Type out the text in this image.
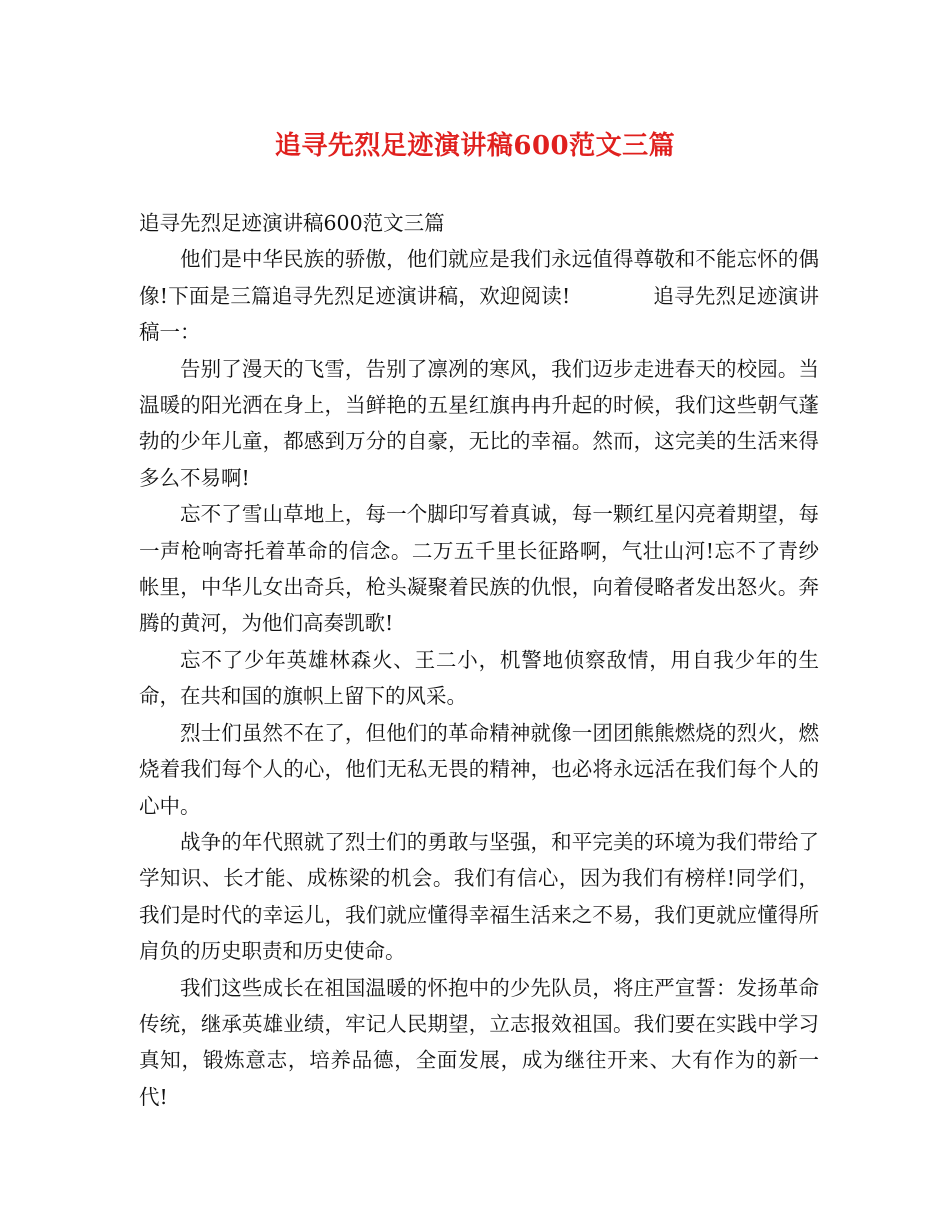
追寻先烈足迹演讲稿600范文三篇

追寻先烈足迹演讲稿600范文三篇

他们是中华民族的骄傲，他们就应是我们永远值得尊敬和不能忘怀的偶像!下面是三篇追寻先烈足迹演讲稿，欢迎阅读!　　　　追寻先烈足迹演讲稿一：

告别了漫天的飞雪，告别了凛冽的寒风，我们迈步走进春天的校园。当温暖的阳光洒在身上，当鲜艳的五星红旗冉冉升起的时候，我们这些朝气蓬勃的少年儿童，都感到万分的自豪，无比的幸福。然而，这完美的生活来得多么不易啊!

忘不了雪山草地上，每一个脚印写着真诚，每一颗红星闪亮着期望，每一声枪响寄托着革命的信念。二万五千里长征路啊，气壮山河!忘不了青纱帐里，中华儿女出奇兵，枪头凝聚着民族的仇恨，向着侵略者发出怒火。奔腾的黄河，为他们高奏凯歌!

忘不了少年英雄林森火、王二小，机警地侦察敌情，用自我少年的生命，在共和国的旗帜上留下的风采。

烈士们虽然不在了，但他们的革命精神就像一团团熊熊燃烧的烈火，燃烧着我们每个人的心，他们无私无畏的精神，也必将永远活在我们每个人的心中。

战争的年代照就了烈士们的勇敢与坚强，和平完美的环境为我们带给了学知识、长才能、成栋梁的机会。我们有信心，因为我们有榜样!同学们，我们是时代的幸运儿，我们就应懂得幸福生活来之不易，我们更就应懂得所肩负的历史职责和历史使命。

我们这些成长在祖国温暖的怀抱中的少先队员，将庄严宣誓：发扬革命传统，继承英雄业绩，牢记人民期望，立志报效祖国。我们要在实践中学习真知，锻炼意志，培养品德，全面发展，成为继往开来、大有作为的新一代!
